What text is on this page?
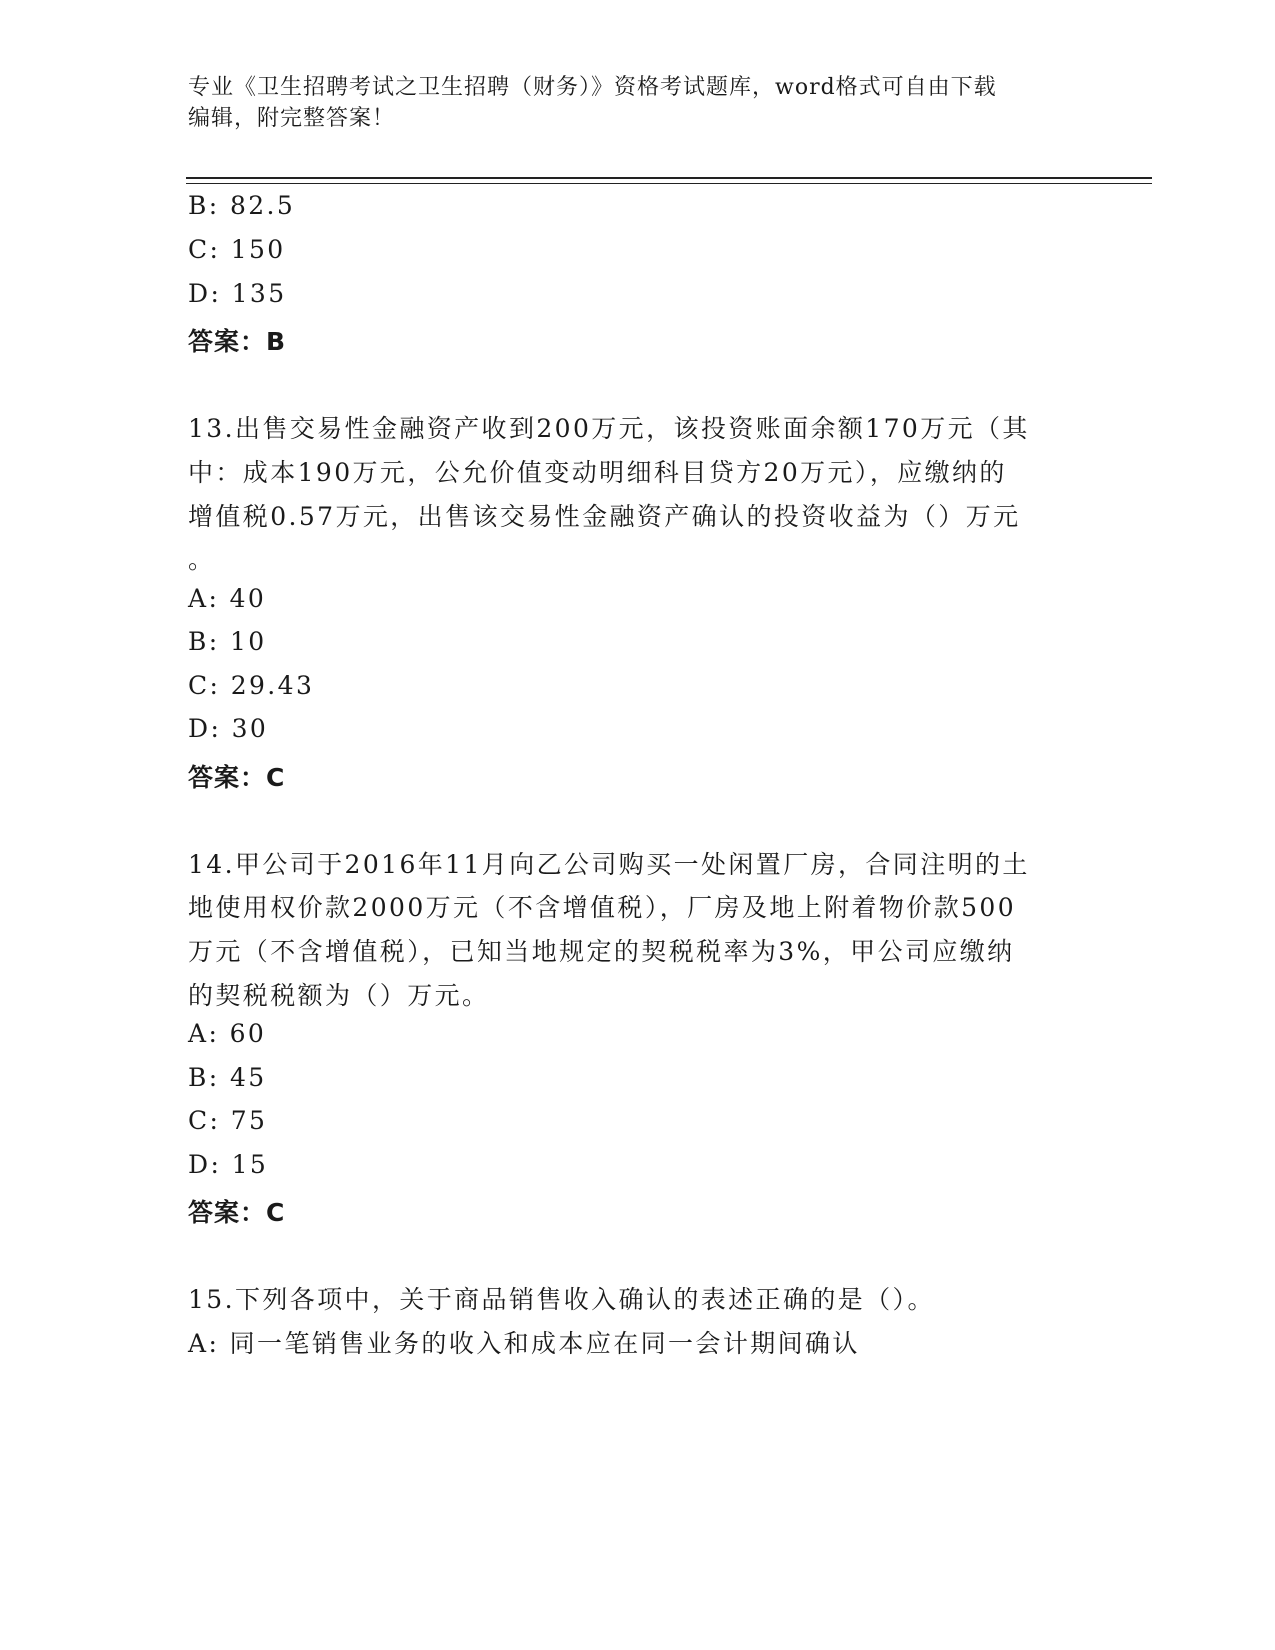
专业《卫生招聘考试之卫生招聘（财务）》资格考试题库，word格式可自由下载
编辑，附完整答案！
B: 82.5
C: 150
D: 135
答案：B
13.出售交易性金融资产收到200万元，该投资账面余额170万元（其
中：成本190万元，公允价值变动明细科目贷方20万元），应缴纳的
增值税0.57万元，出售该交易性金融资产确认的投资收益为（）万元
。
A: 40
B: 10
C: 29.43
D: 30
答案：C
14.甲公司于2016年11月向乙公司购买一处闲置厂房，合同注明的土
地使用权价款2000万元（不含增值税），厂房及地上附着物价款500
万元（不含增值税），已知当地规定的契税税率为3%，甲公司应缴纳
的契税税额为（）万元。
A: 60
B: 45
C: 75
D: 15
答案：C
15.下列各项中，关于商品销售收入确认的表述正确的是（）。
A: 同一笔销售业务的收入和成本应在同一会计期间确认
